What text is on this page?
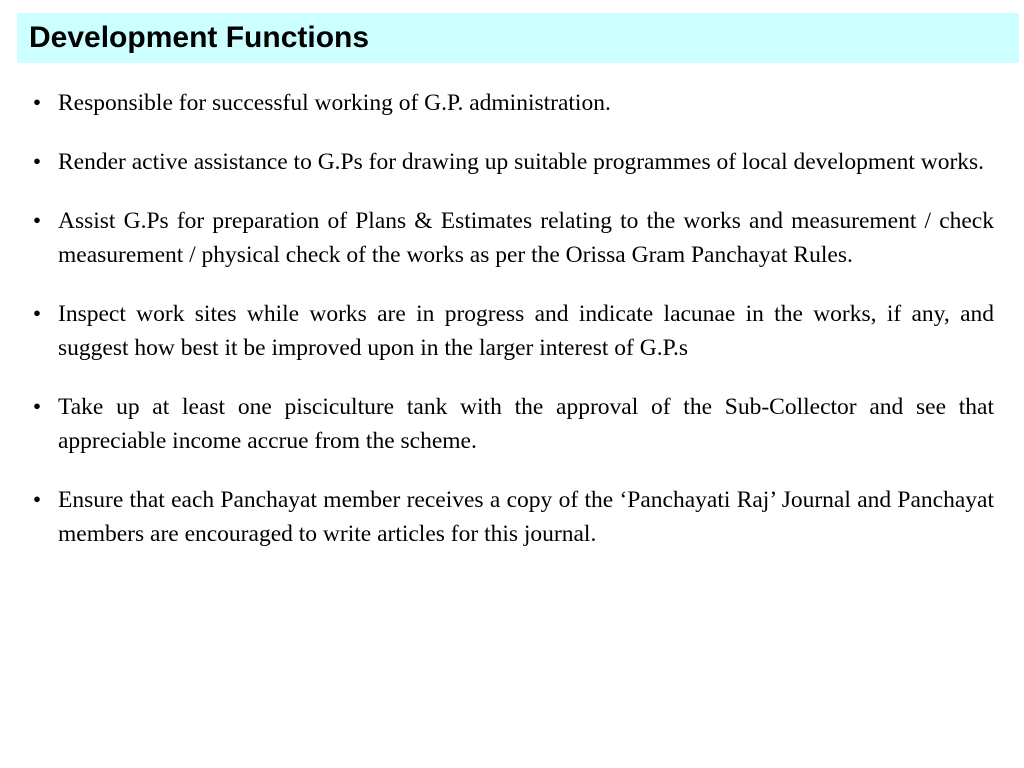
Development Functions
• Responsible for successful working of G.P. administration.
• Render active assistance to G.Ps for drawing up suitable programmes of local development works.
• Assist G.Ps for preparation of Plans & Estimates relating to the works and measurement / check measurement / physical check of the works as per the Orissa Gram Panchayat Rules.
• Inspect work sites while works are in progress and indicate lacunae in the works, if any, and suggest how best it be improved upon in the larger interest of G.P.s
• Take up at least one pisciculture tank with the approval of the Sub-Collector and see that appreciable income accrue from the scheme.
• Ensure that each Panchayat member receives a copy of the ‘Panchayati Raj’ Journal and Panchayat members are encouraged to write articles for this journal.
